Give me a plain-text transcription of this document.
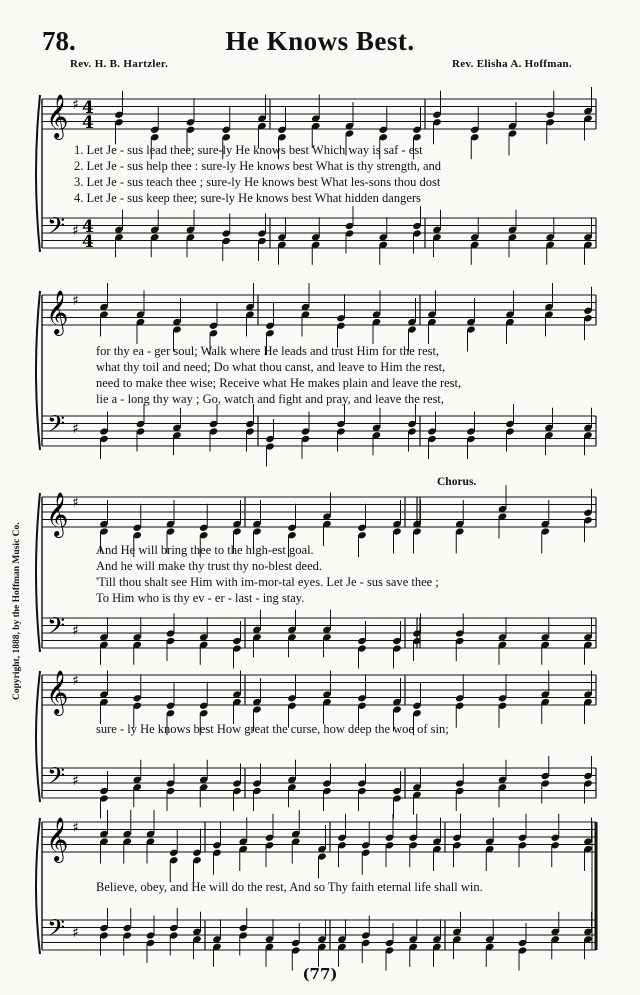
78.	He Knows Best.
Rev. H. B. Hartzler.	Rev. Elisha A. Hoffman.
Copyright, 1888, by the Hoffman Music Co.
𝄞
𝄢
♯
♯
4
4
4
4
𝄞
𝄢
♯
♯
𝄞
𝄢
♯
♯
𝄞
𝄢
♯
♯
𝄞
𝄢
♯
♯
Chorus.
1. Let Je - sus lead thee; sure-ly He knows best Which way is saf - est
2. Let Je - sus help thee : sure-ly He knows best What is thy strength, and
3. Let Je - sus teach thee ; sure-ly He knows best What les-sons thou dost
4. Let Je - sus keep thee; sure-ly He knows best What hidden dangers
for thy ea - ger soul; Walk where He leads and trust Him for the rest,
what thy toil and need; Do what thou canst, and leave to Him the rest,
need to make thee wise; Receive what He makes plain and leave the rest,
lie a - long thy way ; Go, watch and fight and pray, and leave the rest,
And He will bring thee to the high-est goal.
And he will make thy trust thy no-blest deed.
'Till thou shalt see Him with im-mor-tal eyes. Let Je - sus save thee ;
To Him who is thy ev - er - last - ing stay.
sure - ly He knows best How great the curse, how deep the woe of sin;
Believe, obey, and He will do the rest, And so Thy faith eternal life shall win.
(77)
